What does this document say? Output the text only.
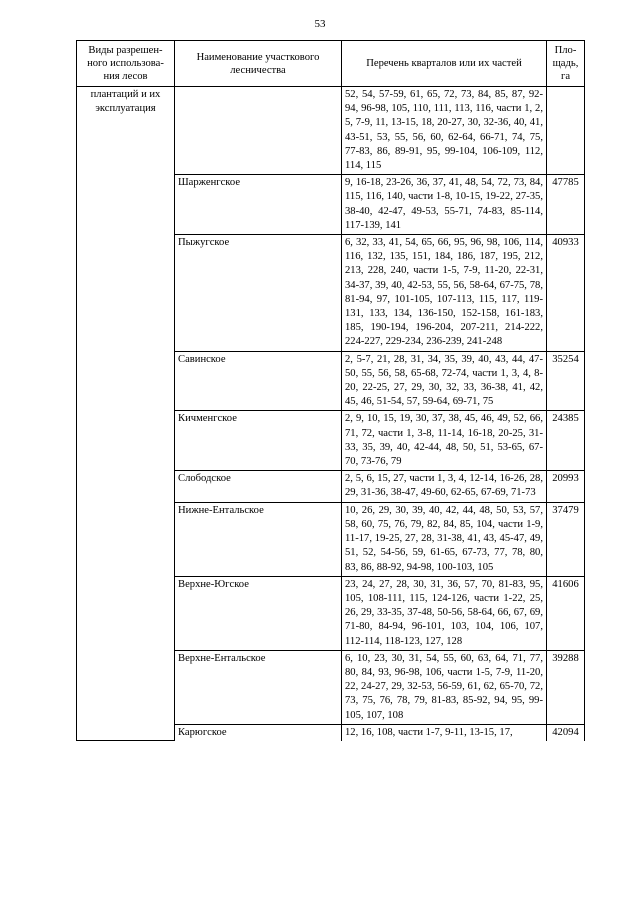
53
Виды разрешен-ного использова-ния лесов	Наименование участкового лесничества	Перечень кварталов или их частей	Пло-щадь, га
плантаций и их эксплуатация		52, 54, 57-59, 61, 65, 72, 73, 84, 85, 87, 92-94, 96-98, 105, 110, 111, 113, 116, части 1, 2, 5, 7-9, 11, 13-15, 18, 20-27, 30, 32-36, 40, 41, 43-51, 53, 55, 56, 60, 62-64, 66-71, 74, 75, 77-83, 86, 89-91, 95, 99-104, 106-109, 112, 114, 115	
	Шарженгское	9, 16-18, 23-26, 36, 37, 41, 48, 54, 72, 73, 84, 115, 116, 140, части 1-8, 10-15, 19-22, 27-35, 38-40, 42-47, 49-53, 55-71, 74-83, 85-114, 117-139, 141	47785
	Пыжугское	6, 32, 33, 41, 54, 65, 66, 95, 96, 98, 106, 114, 116, 132, 135, 151, 184, 186, 187, 195, 212, 213, 228, 240, части 1-5, 7-9, 11-20, 22-31, 34-37, 39, 40, 42-53, 55, 56, 58-64, 67-75, 78, 81-94, 97, 101-105, 107-113, 115, 117, 119-131, 133, 134, 136-150, 152-158, 161-183, 185, 190-194, 196-204, 207-211, 214-222, 224-227, 229-234, 236-239, 241-248	40933
	Савинское	2, 5-7, 21, 28, 31, 34, 35, 39, 40, 43, 44, 47-50, 55, 56, 58, 65-68, 72-74, части 1, 3, 4, 8-20, 22-25, 27, 29, 30, 32, 33, 36-38, 41, 42, 45, 46, 51-54, 57, 59-64, 69-71, 75	35254
	Кичменгское	2, 9, 10, 15, 19, 30, 37, 38, 45, 46, 49, 52, 66, 71, 72, части 1, 3-8, 11-14, 16-18, 20-25, 31-33, 35, 39, 40, 42-44, 48, 50, 51, 53-65, 67-70, 73-76, 79	24385
	Слободское	2, 5, 6, 15, 27, части 1, 3, 4, 12-14, 16-26, 28, 29, 31-36, 38-47, 49-60, 62-65, 67-69, 71-73	20993
	Нижне-Ентальское	10, 26, 29, 30, 39, 40, 42, 44, 48, 50, 53, 57, 58, 60, 75, 76, 79, 82, 84, 85, 104, части 1-9, 11-17, 19-25, 27, 28, 31-38, 41, 43, 45-47, 49, 51, 52, 54-56, 59, 61-65, 67-73, 77, 78, 80, 83, 86, 88-92, 94-98, 100-103, 105	37479
	Верхне-Югское	23, 24, 27, 28, 30, 31, 36, 57, 70, 81-83, 95, 105, 108-111, 115, 124-126, части 1-22, 25, 26, 29, 33-35, 37-48, 50-56, 58-64, 66, 67, 69, 71-80, 84-94, 96-101, 103, 104, 106, 107, 112-114, 118-123, 127, 128	41606
	Верхне-Ентальское	6, 10, 23, 30, 31, 54, 55, 60, 63, 64, 71, 77, 80, 84, 93, 96-98, 106, части 1-5, 7-9, 11-20, 22, 24-27, 29, 32-53, 56-59, 61, 62, 65-70, 72, 73, 75, 76, 78, 79, 81-83, 85-92, 94, 95, 99-105, 107, 108	39288
	Карюгское	12, 16, 108, части 1-7, 9-11, 13-15, 17,	42094
